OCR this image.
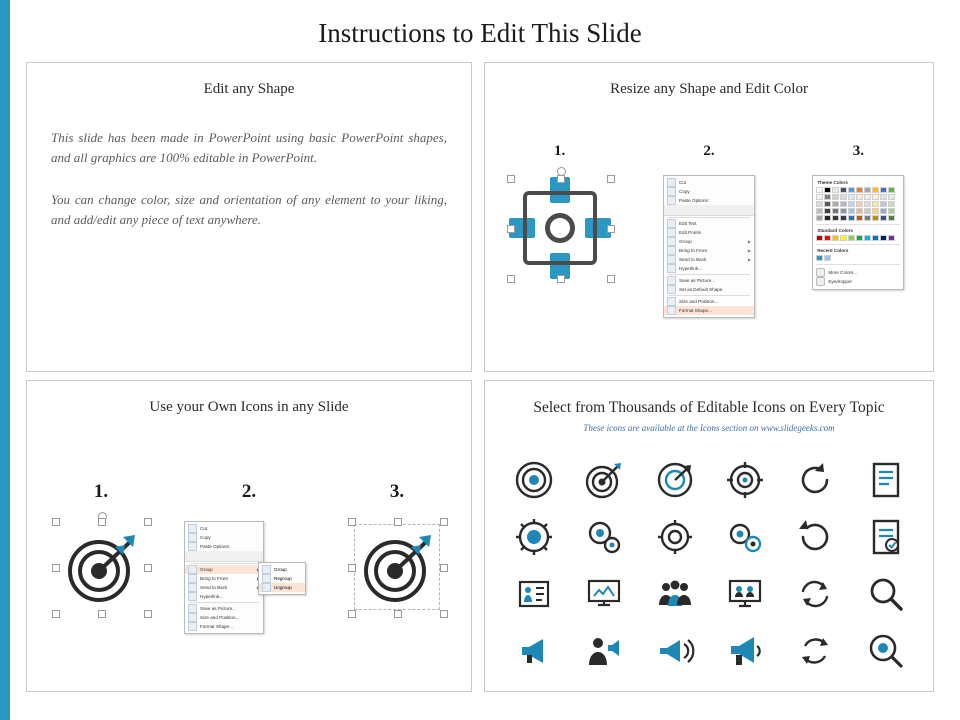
Instructions to Edit This Slide
Edit any Shape
This slide has been made in PowerPoint using basic PowerPoint shapes, and all graphics are 100% editable in PowerPoint.
You can change color, size and orientation of any element to your liking, and add/edit any piece of text anywhere.
Resize any Shape and Edit Color
1.	2.	3.
Cut
Copy
Paste Options:
Edit Text
Edit Points
Group	▶
Bring to Front	▶
Send to Back	▶
Hyperlink...
Save as Picture...
Set as Default Shape
Size and Position...
Format Shape...
Theme Colors
Standard Colors
Recent Colors
More Colors...
Eyedropper
Use your Own Icons in any Slide
1.	2.	3.
Cut
Copy
Paste Options:
Group
Bring to Front
Send to Back
Hyperlink...
Save as Picture...
Size and Position...
Format Shape...
Group
Regroup
Ungroup
Select from Thousands of Editable Icons on Every Topic
These icons are available at the Icons section on www.slidegeeks.com
